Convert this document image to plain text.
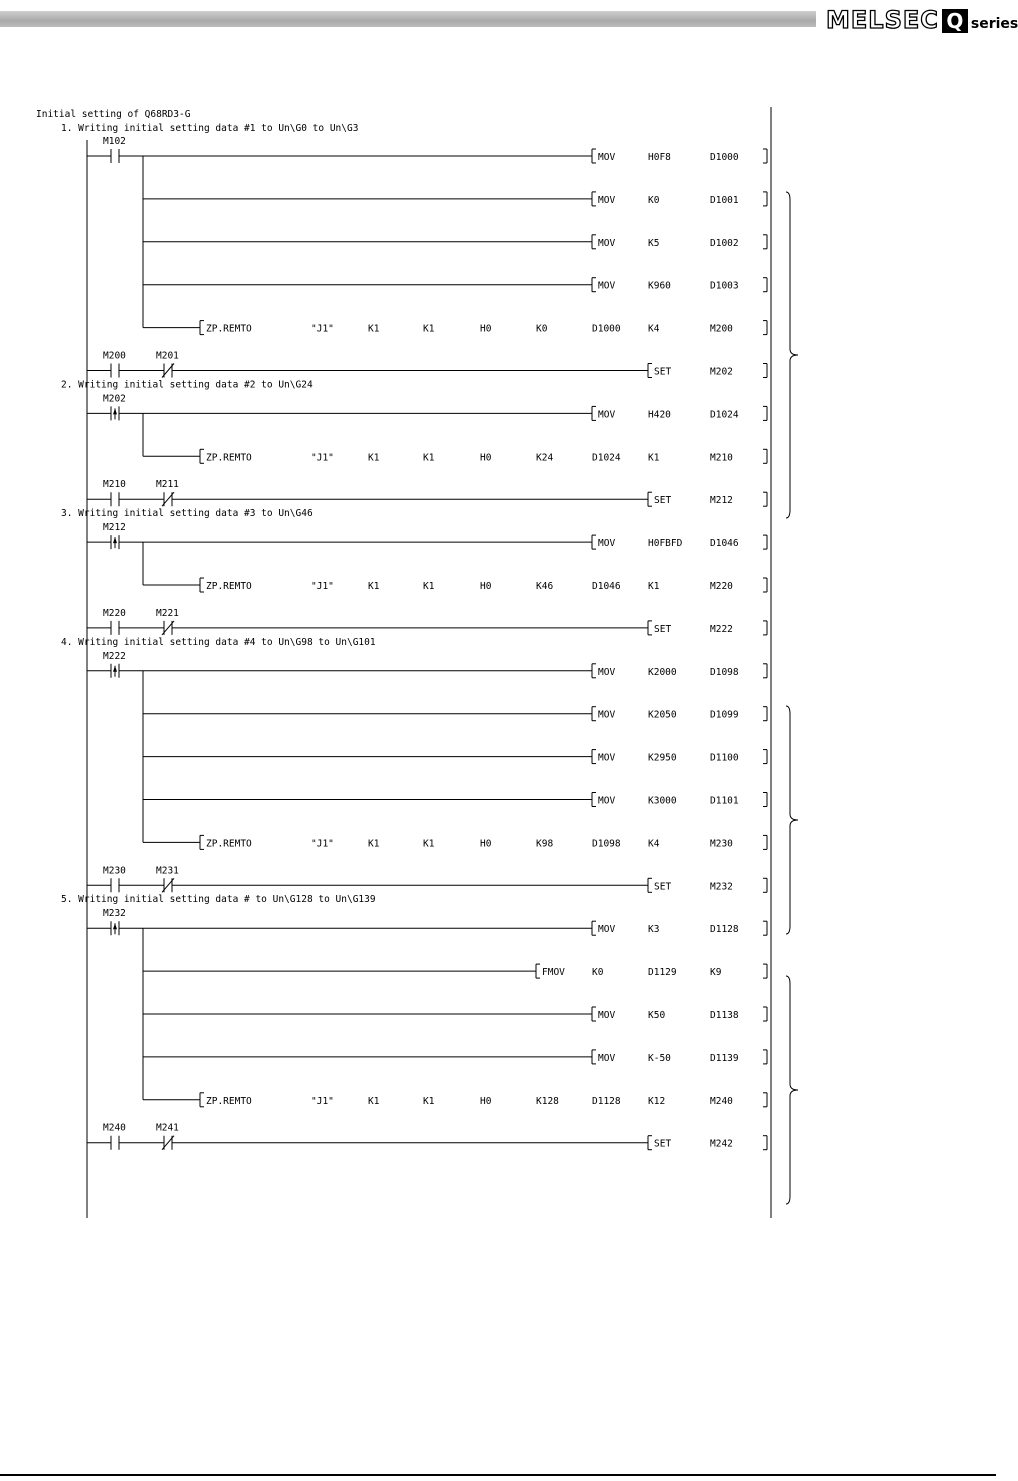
MELSEC Q series
Initial setting of Q68RD3-G
1. Writing initial setting data #1 to Un\G0 to Un\G3
M102
MOV	H0F8	D1000
MOV	K0	D1001
MOV	K5	D1002
MOV	K960	D1003
ZP.REMTO	"J1"	K1	K1	H0	K0	D1000	K4	M200
M200	M201
SET	M202
2. Writing initial setting data #2 to Un\G24
M202
MOV	H420	D1024
ZP.REMTO	"J1"	K1	K1	H0	K24	D1024	K1	M210
M210	M211
SET	M212
3. Writing initial setting data #3 to Un\G46
M212
MOV	H0FBFD	D1046
ZP.REMTO	"J1"	K1	K1	H0	K46	D1046	K1	M220
M220	M221
SET	M222
4. Writing initial setting data #4 to Un\G98 to Un\G101
M222
MOV	K2000	D1098
MOV	K2050	D1099
MOV	K2950	D1100
MOV	K3000	D1101
ZP.REMTO	"J1"	K1	K1	H0	K98	D1098	K4	M230
M230	M231
SET	M232
5. Writing initial setting data # to Un\G128 to Un\G139
M232
MOV	K3	D1128
FMOV	K0	D1129	K9
MOV	K50	D1138
MOV	K-50	D1139
ZP.REMTO	"J1"	K1	K1	H0	K128	D1128	K12	M240
M240	M241
SET	M242
